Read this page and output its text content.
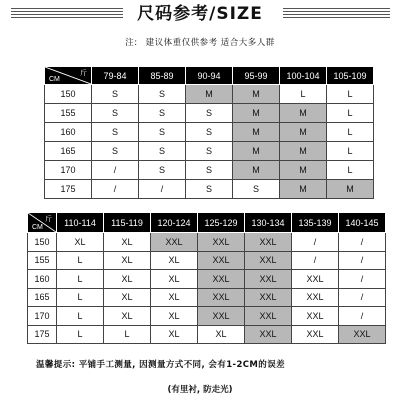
尺码参考/SIZE
注: 建议体重仅供参考 适合大多人群
斤
CM	79-84	85-89	90-94	95-99	100-104	105-109
150	S	S	M	M	L	L
155	S	S	S	M	M	L
160	S	S	S	M	M	L
165	S	S	S	M	M	L
170	/	S	S	M	M	L
175	/	/	S	S	M	M
斤
CM	110-114	115-119	120-124	125-129	130-134	135-139	140-145
150	XL	XL	XXL	XXL	XXL	/	/
155	L	XL	XL	XXL	XXL	/	/
160	L	XL	XL	XXL	XXL	XXL	/
165	L	XL	XL	XXL	XXL	XXL	/
170	L	XL	XL	XXL	XXL	XXL	/
175	L	L	XL	XL	XXL	XXL	XXL
温馨提示: 平铺手工测量, 因测量方式不同, 会有1-2CM的误差
(有里衬, 防走光)
